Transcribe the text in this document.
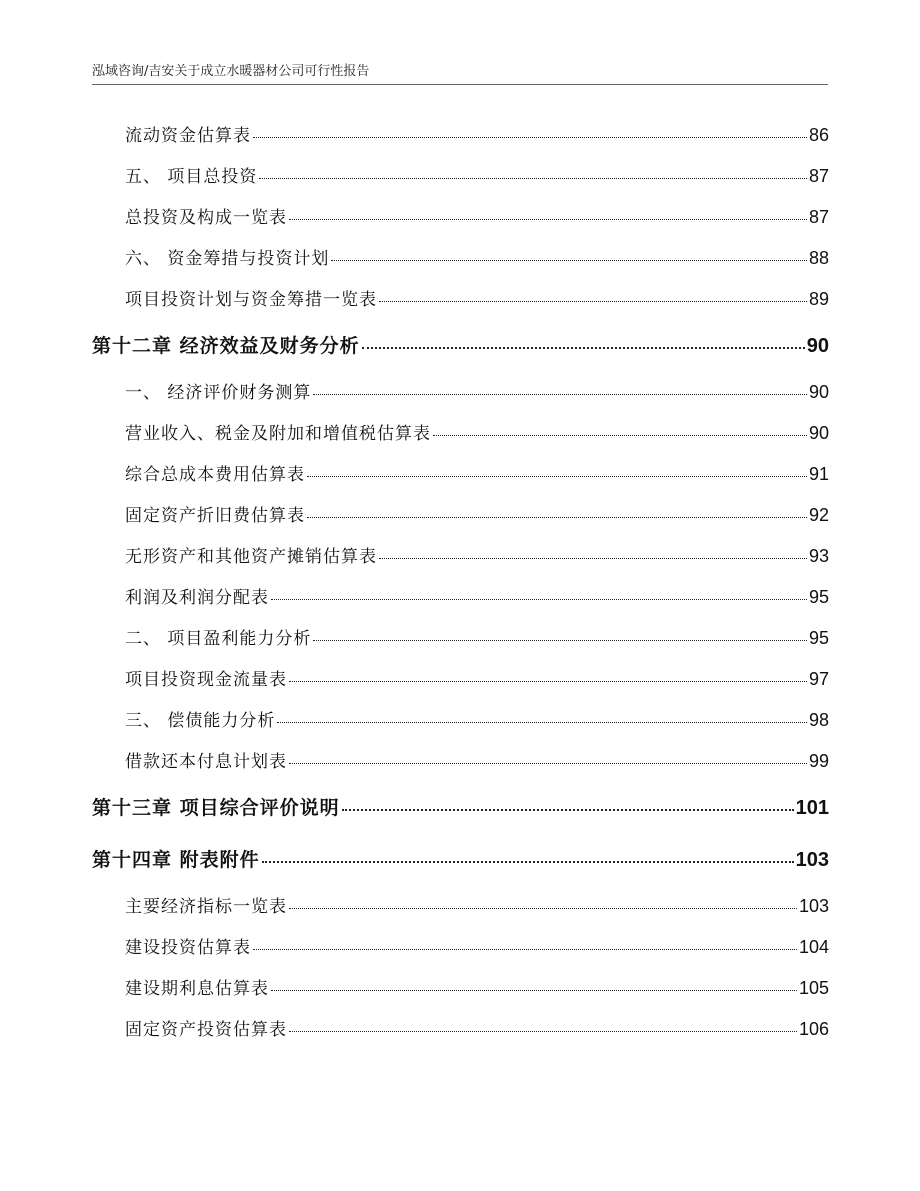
泓域咨询/吉安关于成立水暖器材公司可行性报告
流动资金估算表	86
五、 项目总投资	87
总投资及构成一览表	87
六、 资金筹措与投资计划	88
项目投资计划与资金筹措一览表	89
第十二章 经济效益及财务分析	90
一、 经济评价财务测算	90
营业收入、税金及附加和增值税估算表	90
综合总成本费用估算表	91
固定资产折旧费估算表	92
无形资产和其他资产摊销估算表	93
利润及利润分配表	95
二、 项目盈利能力分析	95
项目投资现金流量表	97
三、 偿债能力分析	98
借款还本付息计划表	99
第十三章 项目综合评价说明	101
第十四章 附表附件	103
主要经济指标一览表	103
建设投资估算表	104
建设期利息估算表	105
固定资产投资估算表	106
